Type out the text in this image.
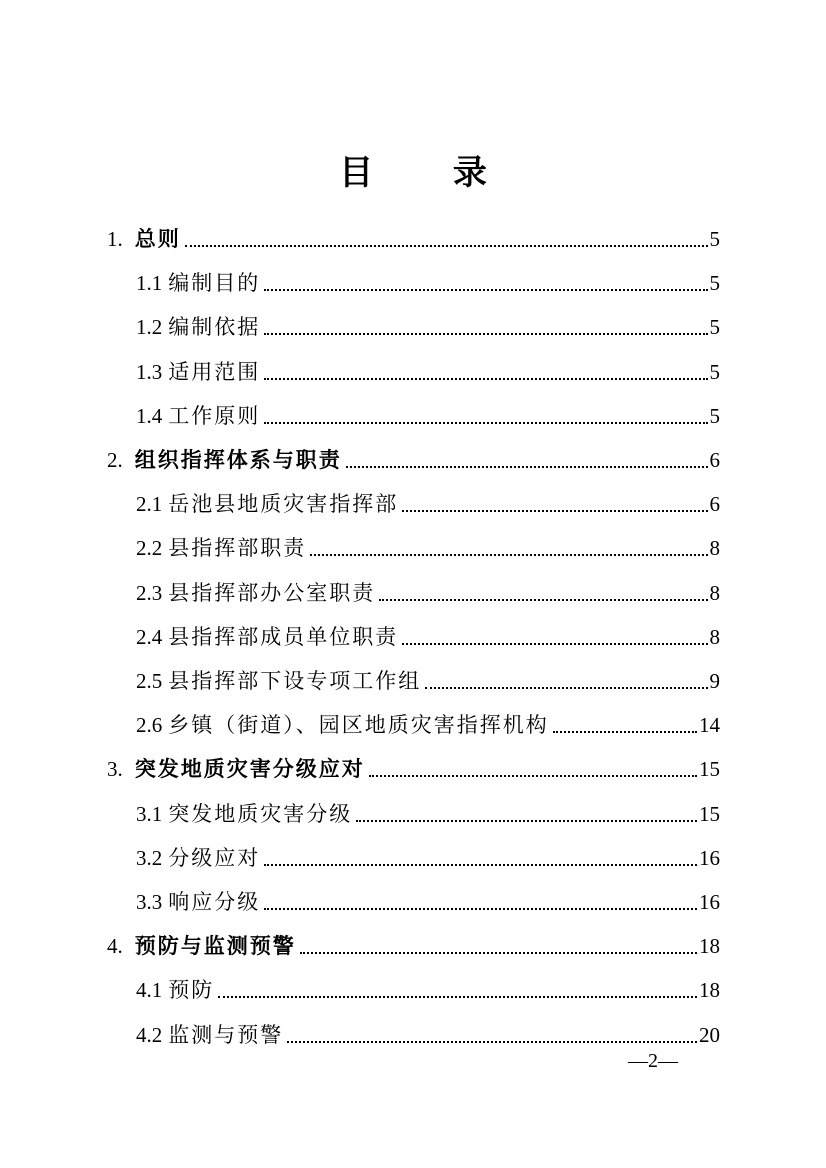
目 录
1. 总则	5
1.1 编制目的	5
1.2 编制依据	5
1.3 适用范围	5
1.4 工作原则	5
2. 组织指挥体系与职责	6
2.1 岳池县地质灾害指挥部	6
2.2 县指挥部职责	8
2.3 县指挥部办公室职责	8
2.4 县指挥部成员单位职责	8
2.5 县指挥部下设专项工作组	9
2.6 乡镇（街道）、园区地质灾害指挥机构	14
3. 突发地质灾害分级应对	15
3.1 突发地质灾害分级	15
3.2 分级应对	16
3.3 响应分级	16
4. 预防与监测预警	18
4.1 预防	18
4.2 监测与预警	20
—2—
